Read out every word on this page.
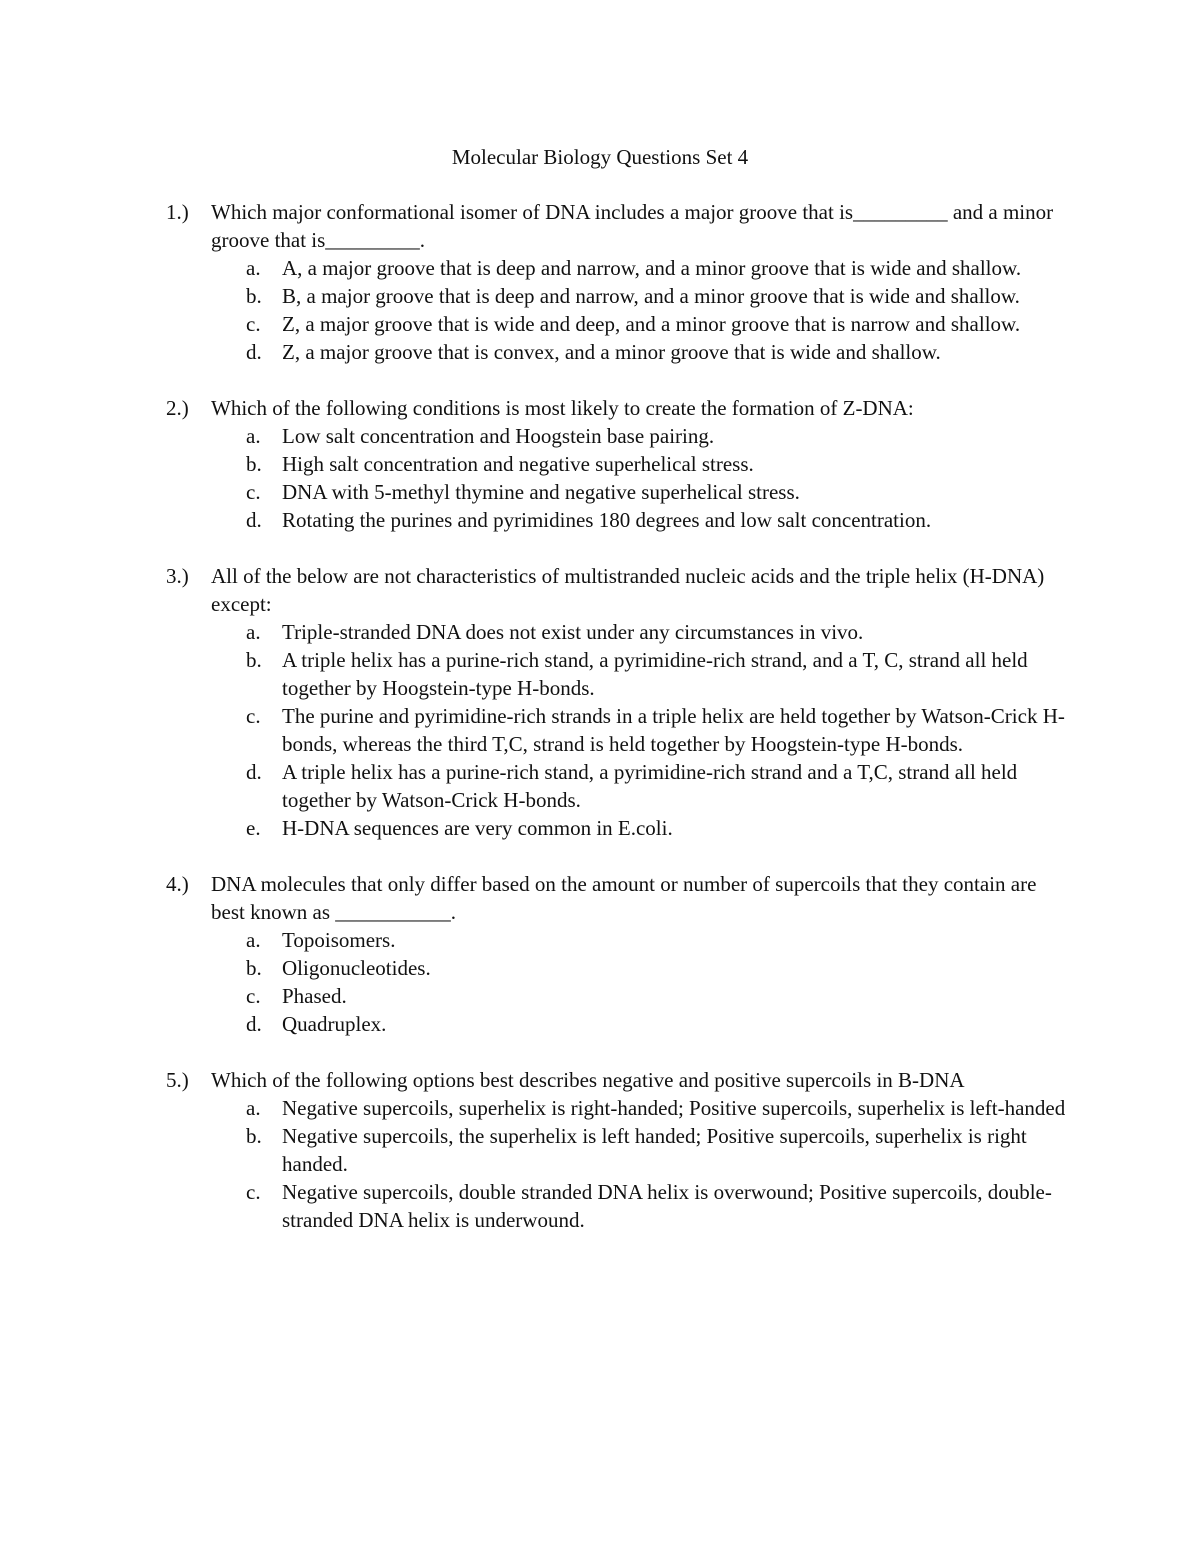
Molecular Biology Questions Set 4
1.) Which major conformational isomer of DNA includes a major groove that is_________ and a minor groove that is_________.
a. A, a major groove that is deep and narrow, and a minor groove that is wide and shallow.
b. B, a major groove that is deep and narrow, and a minor groove that is wide and shallow.
c. Z, a major groove that is wide and deep, and a minor groove that is narrow and shallow.
d. Z, a major groove that is convex, and a minor groove that is wide and shallow.
2.) Which of the following conditions is most likely to create the formation of Z-DNA:
a. Low salt concentration and Hoogstein base pairing.
b. High salt concentration and negative superhelical stress.
c. DNA with 5-methyl thymine and negative superhelical stress.
d. Rotating the purines and pyrimidines 180 degrees and low salt concentration.
3.) All of the below are not characteristics of multistranded nucleic acids and the triple helix (H-DNA) except:
a. Triple-stranded DNA does not exist under any circumstances in vivo.
b. A triple helix has a purine-rich stand, a pyrimidine-rich strand, and a T, C, strand all held together by Hoogstein-type H-bonds.
c. The purine and pyrimidine-rich strands in a triple helix are held together by Watson-Crick H-bonds, whereas the third T,C, strand is held together by Hoogstein-type H-bonds.
d. A triple helix has a purine-rich stand, a pyrimidine-rich strand and a T,C, strand all held together by Watson-Crick H-bonds.
e. H-DNA sequences are very common in E.coli.
4.) DNA molecules that only differ based on the amount or number of supercoils that they contain are best known as ___________.
a. Topoisomers.
b. Oligonucleotides.
c. Phased.
d. Quadruplex.
5.) Which of the following options best describes negative and positive supercoils in B-DNA
a. Negative supercoils, superhelix is right-handed; Positive supercoils, superhelix is left-handed
b. Negative supercoils, the superhelix is left handed; Positive supercoils, superhelix is right handed.
c. Negative supercoils, double stranded DNA helix is overwound; Positive supercoils, double-stranded DNA helix is underwound.
